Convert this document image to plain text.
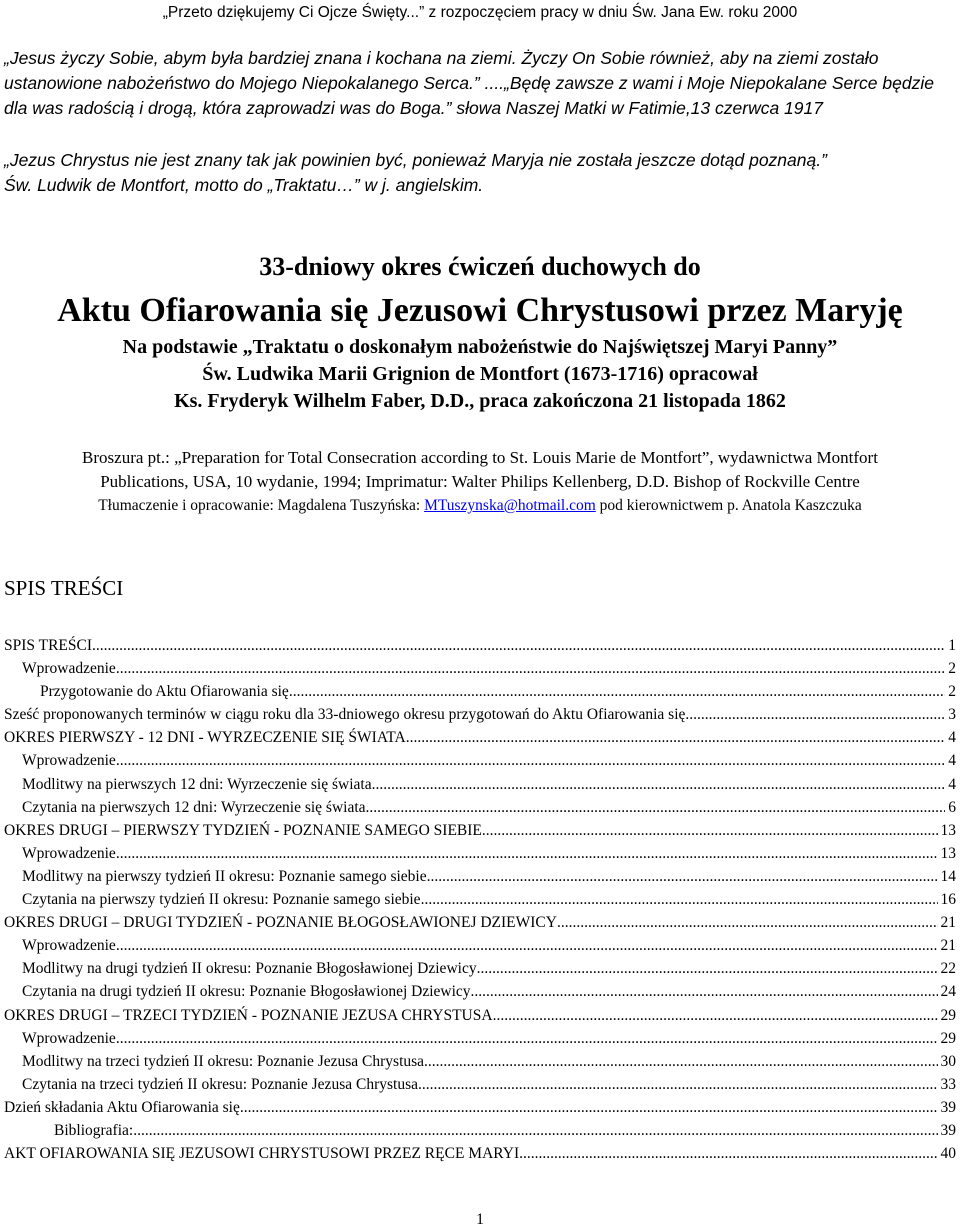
„Przeto dziękujemy Ci Ojcze Święty...” z rozpoczęciem pracy w dniu Św. Jana Ew. roku 2000
„Jesus życzy Sobie, abym była bardziej znana i kochana na ziemi. Życzy On Sobie również, aby na ziemi zostało ustanowione nabożeństwo do Mojego Niepokalanego Serca.” ....„Będę zawsze z wami i Moje Niepokalane Serce będzie dla was radością i drogą, która zaprowadzi was do Boga.” słowa Naszej Matki w Fatimie,13 czerwca 1917
„Jezus Chrystus nie jest znany tak jak powinien być, ponieważ Maryja nie została jeszcze dotąd poznaną.”
Św. Ludwik de Montfort, motto do „Traktatu…” w j. angielskim.
33-dniowy okres ćwiczeń duchowych do
Aktu Ofiarowania się Jezusowi Chrystusowi przez Maryję
Na podstawie „Traktatu o doskonałym nabożeństwie do Najświętszej Maryi Panny”
Św. Ludwika Marii Grignion de Montfort (1673-1716) opracował
Ks. Fryderyk Wilhelm Faber, D.D., praca zakończona 21 listopada 1862
Broszura pt.: „Preparation for Total Consecration according to St. Louis Marie de Montfort”, wydawnictwa Montfort
Publications, USA, 10 wydanie, 1994; Imprimatur: Walter Philips Kellenberg, D.D. Bishop of Rockville Centre
Tłumaczenie i opracowanie: Magdalena Tuszyńska: MTuszynska@hotmail.com pod kierownictwem p. Anatola Kaszczuka
SPIS TREŚCI
SPIS TREŚCI .....	1
Wprowadzenie .....	2
Przygotowanie do Aktu Ofiarowania się .....	2
Sześć proponowanych terminów w ciągu roku dla 33-dniowego okresu przygotowań do Aktu Ofiarowania się .....	3
OKRES PIERWSZY - 12 DNI - WYRZECZENIE SIĘ ŚWIATA .....	4
Wprowadzenie .....	4
Modlitwy na pierwszych 12 dni: Wyrzeczenie się świata .....	4
Czytania na pierwszych 12 dni: Wyrzeczenie się świata .....	6
OKRES DRUGI – PIERWSZY TYDZIEŃ - POZNANIE SAMEGO SIEBIE .....	13
Wprowadzenie .....	13
Modlitwy na pierwszy tydzień II okresu: Poznanie samego siebie .....	14
Czytania na pierwszy tydzień II okresu: Poznanie samego siebie .....	16
OKRES DRUGI – DRUGI TYDZIEŃ - POZNANIE BŁOGOSŁAWIONEJ DZIEWICY .....	21
Wprowadzenie .....	21
Modlitwy na drugi tydzień II okresu: Poznanie Błogosławionej Dziewicy .....	22
Czytania na drugi tydzień II okresu: Poznanie Błogosławionej Dziewicy .....	24
OKRES DRUGI – TRZECI TYDZIEŃ - POZNANIE JEZUSA CHRYSTUSA .....	29
Wprowadzenie .....	29
Modlitwy na trzeci tydzień II okresu: Poznanie Jezusa Chrystusa .....	30
Czytania na trzeci tydzień II okresu: Poznanie Jezusa Chrystusa .....	33
Dzień składania Aktu Ofiarowania się .....	39
Bibliografia: .....	39
AKT OFIAROWANIA SIĘ JEZUSOWI CHRYSTUSOWI PRZEZ RĘCE MARYI .....	40
1
